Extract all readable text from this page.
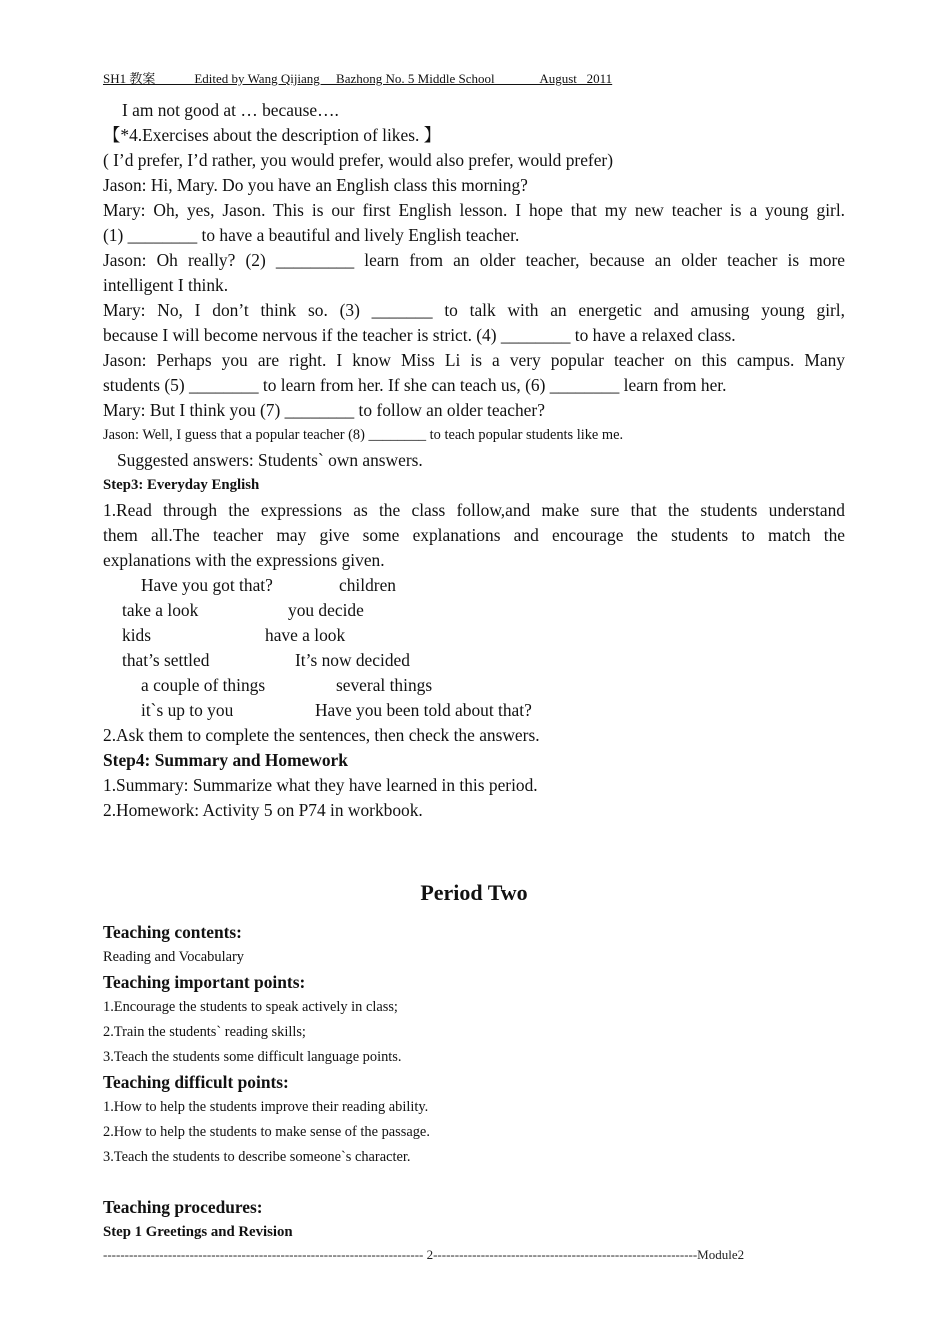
SH1 教案            Edited by Wang Qijiang     Bazhong No. 5 Middle School              August   2011
I am not good at … because….
【*4.Exercises about the description of likes. 】
( I’d prefer, I’d rather, you would prefer, would also prefer, would prefer)
Jason: Hi, Mary. Do you have an English class this morning?
Mary: Oh, yes, Jason. This is our first English lesson. I hope that my new teacher is a young girl.
(1) ________ to have a beautiful and lively English teacher.
Jason: Oh really? (2) _________ learn from an older teacher, because an older teacher is more
intelligent I think.
Mary: No, I don’t think so. (3) _______ to talk with an energetic and amusing young girl,
because I will become nervous if the teacher is strict. (4) ________ to have a relaxed class.
Jason: Perhaps you are right. I know Miss Li is a very popular teacher on this campus. Many
students (5) ________ to learn from her. If she can teach us, (6) ________ learn from her.
Mary: But I think you (7) ________ to follow an older teacher?
Jason: Well, I guess that a popular teacher (8) ________ to teach popular students like me.
Suggested answers: Students` own answers.
Step3: Everyday English
1.Read through the expressions as the class follow,and make sure that the students understand
them all.The teacher may give some explanations and encourage the students to match the
explanations with the expressions given.
Have you got that?	children
take a look	you decide
kids	have a look
that’s settled	It’s now decided
a couple of things	several things
it`s up to you	Have you been told about that?
2.Ask them to complete the sentences, then check the answers.
Step4: Summary and Homework
1.Summary: Summarize what they have learned in this period.
2.Homework: Activity 5 on P74 in workbook.
Period Two
Teaching contents:
Reading and Vocabulary
Teaching important points:
1.Encourage the students to speak actively in class;
2.Train the students` reading skills;
3.Teach the students some difficult language points.
Teaching difficult points:
1.How to help the students improve their reading ability.
2.How to help the students to make sense of the passage.
3.Teach the students to describe someone`s character.
Teaching procedures:
Step 1 Greetings and Revision
-------------------------------------------------------------------------- 2-------------------------------------------------------------Module2
